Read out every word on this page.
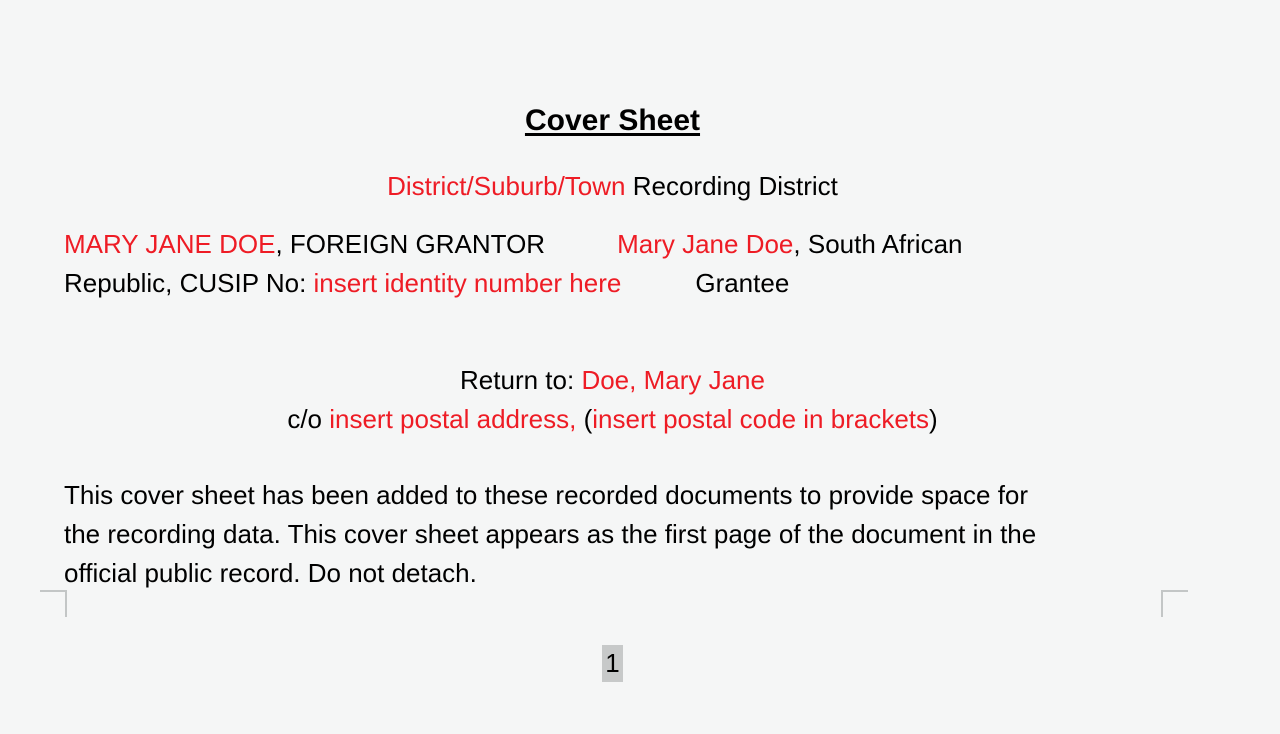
Cover Sheet
District/Suburb/Town Recording District
MARY JANE DOE, FOREIGN GRANTOR	Mary Jane Doe, South African
Republic, CUSIP No: insert identity number here	Grantee
Return to: Doe, Mary Jane
c/o insert postal address, (insert postal code in brackets)
This cover sheet has been added to these recorded documents to provide space for
the recording data. This cover sheet appears as the first page of the document in the
official public record. Do not detach.
1
